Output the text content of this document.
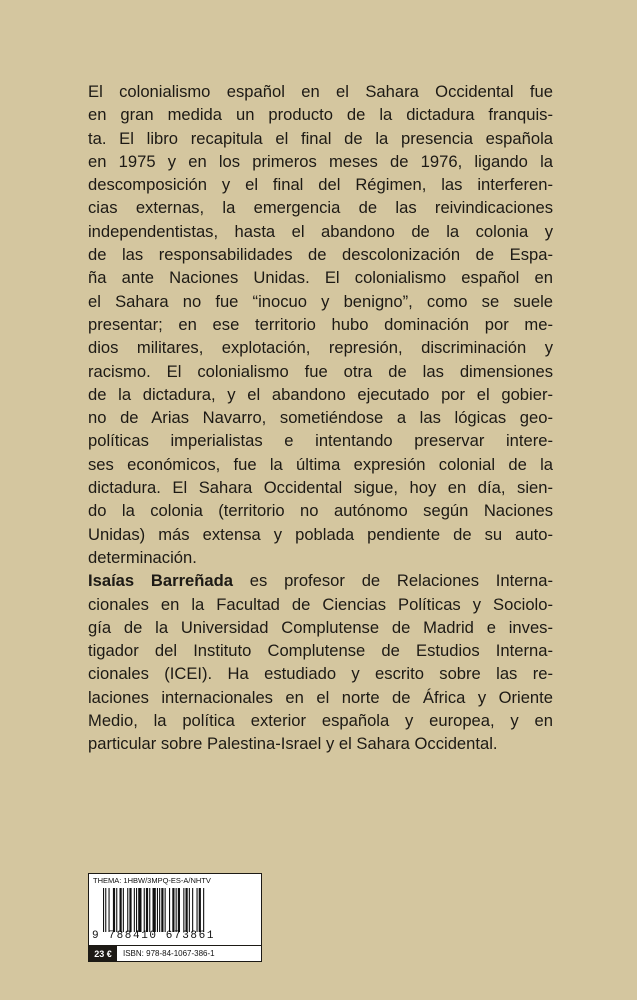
El colonialismo español en el Sahara Occidental fue
en gran medida un producto de la dictadura franquis-
ta. El libro recapitula el final de la presencia española
en 1975 y en los primeros meses de 1976, ligando la
descomposición y el final del Régimen, las interferen-
cias externas, la emergencia de las reivindicaciones
independentistas, hasta el abandono de la colonia y
de las responsabilidades de descolonización de Espa-
ña ante Naciones Unidas. El colonialismo español en
el Sahara no fue “inocuo y benigno”, como se suele
presentar; en ese territorio hubo dominación por me-
dios militares, explotación, represión, discriminación y
racismo. El colonialismo fue otra de las dimensiones
de la dictadura, y el abandono ejecutado por el gobier-
no de Arias Navarro, sometiéndose a las lógicas geo-
políticas imperialistas e intentando preservar intere-
ses económicos, fue la última expresión colonial de la
dictadura. El Sahara Occidental sigue, hoy en día, sien-
do la colonia (territorio no autónomo según Naciones
Unidas) más extensa y poblada pendiente de su auto-
determinación.
Isaías Barreñada es profesor de Relaciones Interna-
cionales en la Facultad de Ciencias Políticas y Sociolo-
gía de la Universidad Complutense de Madrid e inves-
tigador del Instituto Complutense de Estudios Interna-
cionales (ICEI). Ha estudiado y escrito sobre las re-
laciones internacionales en el norte de África y Oriente
Medio, la política exterior española y europea, y en
particular sobre Palestina-Israel y el Sahara Occidental.
THEMA: 1HBW/3MPQ-ES-A/NHTV
9 788410 673861
23 €	ISBN: 978-84-1067-386-1
